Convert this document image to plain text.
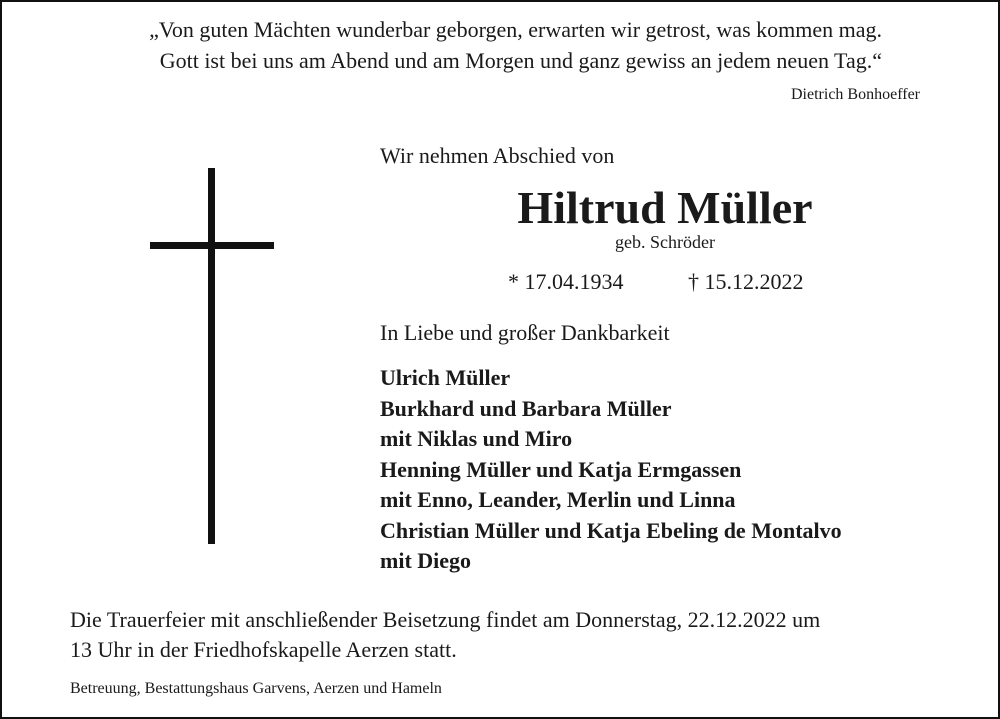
„Von guten Mächten wunderbar geborgen, erwarten wir getrost, was kommen mag.
Gott ist bei uns am Abend und am Morgen und ganz gewiss an jedem neuen Tag.“
Dietrich Bonhoeffer
Wir nehmen Abschied von
Hiltrud Müller
geb. Schröder
* 17.04.1934	† 15.12.2022
In Liebe und großer Dankbarkeit
Ulrich Müller
Burkhard und Barbara Müller
mit Niklas und Miro
Henning Müller und Katja Ermgassen
mit Enno, Leander, Merlin und Linna
Christian Müller und Katja Ebeling de Montalvo
mit Diego
Die Trauerfeier mit anschließender Beisetzung findet am Donnerstag, 22.12.2022 um
13 Uhr in der Friedhofskapelle Aerzen statt.
Betreuung, Bestattungshaus Garvens, Aerzen und Hameln
